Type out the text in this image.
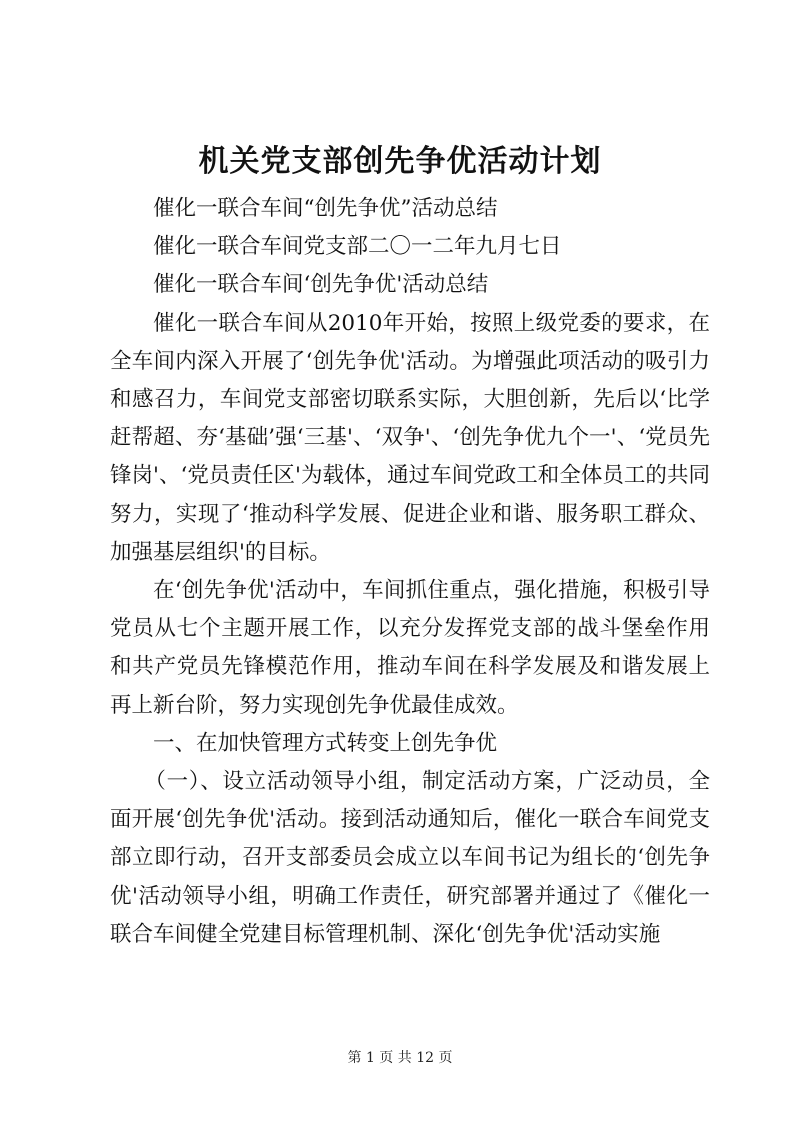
机关党支部创先争优活动计划

催化一联合车间“创先争优”活动总结

催化一联合车间党支部二〇一二年九月七日

催化一联合车间‘创先争优'活动总结

催化一联合车间从2010年开始，按照上级党委的要求，在全车间内深入开展了‘创先争优'活动。为增强此项活动的吸引力和感召力，车间党支部密切联系实际，大胆创新，先后以‘比学赶帮超、夯‘基础’强‘三基'、‘双争'、‘创先争优九个一'、‘党员先锋岗'、‘党员责任区'为载体，通过车间党政工和全体员工的共同努力，实现了‘推动科学发展、促进企业和谐、服务职工群众、加强基层组织'的目标。

在‘创先争优'活动中，车间抓住重点，强化措施，积极引导党员从七个主题开展工作，以充分发挥党支部的战斗堡垒作用和共产党员先锋模范作用，推动车间在科学发展及和谐发展上再上新台阶，努力实现创先争优最佳成效。

一、在加快管理方式转变上创先争优

（一）、设立活动领导小组，制定活动方案，广泛动员，全面开展‘创先争优'活动。接到活动通知后，催化一联合车间党支部立即行动，召开支部委员会成立以车间书记为组长的‘创先争优'活动领导小组，明确工作责任，研究部署并通过了《催化一联合车间健全党建目标管理机制、深化‘创先争优'活动实施

第 1 页 共 12 页
